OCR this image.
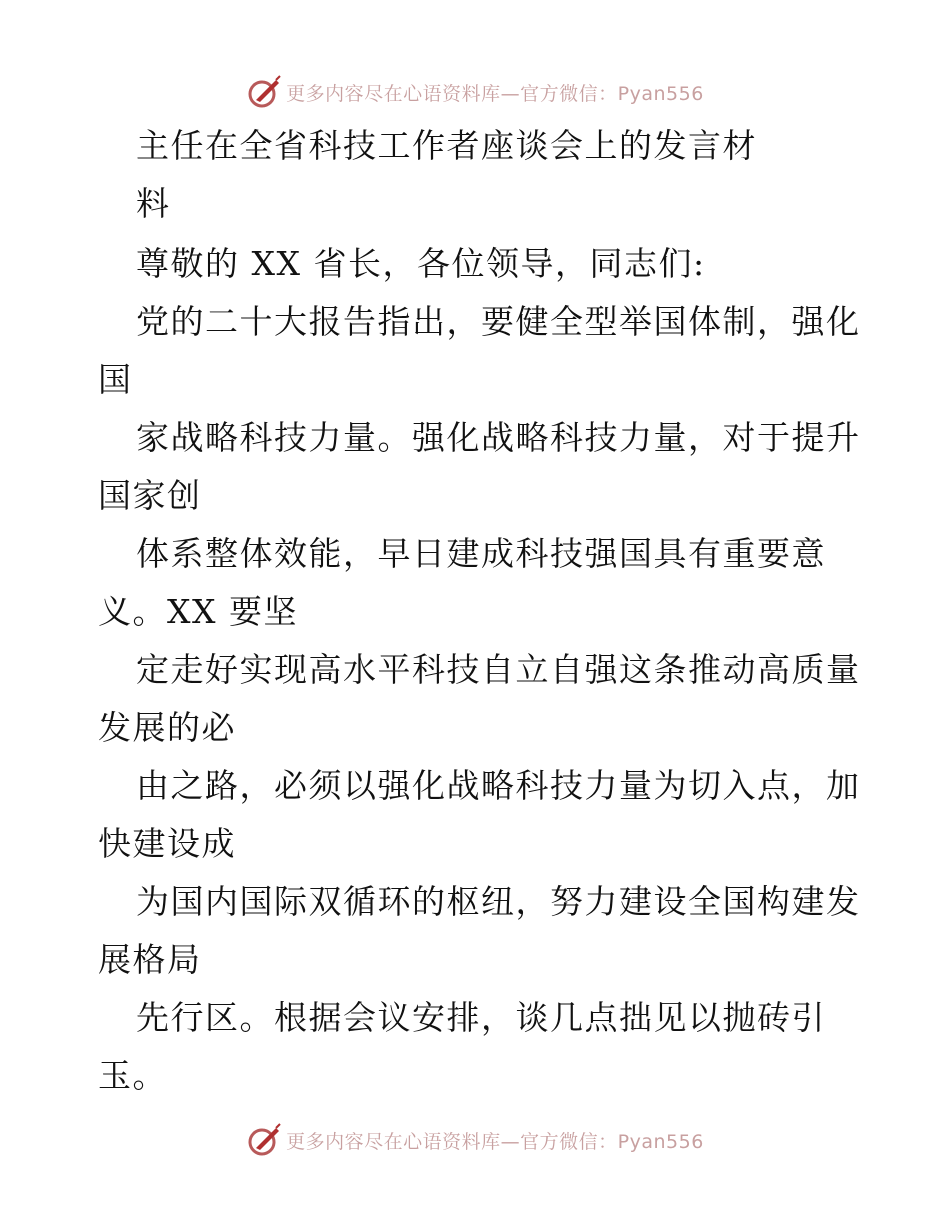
更多内容尽在心语资料库—官方微信：Pyan556
主任在全省科技工作者座谈会上的发言材
料
尊敬的 XX 省长，各位领导，同志们:
党的二十大报告指出，要健全型举国体制，强化
国
家战略科技力量。强化战略科技力量，对于提升
国家创
体系整体效能，早日建成科技强国具有重要意
义。XX 要坚
定走好实现高水平科技自立自强这条推动高质量
发展的必
由之路，必须以强化战略科技力量为切入点，加
快建设成
为国内国际双循环的枢纽，努力建设全国构建发
展格局
先行区。根据会议安排，谈几点拙见以抛砖引
玉。
更多内容尽在心语资料库—官方微信：Pyan556
